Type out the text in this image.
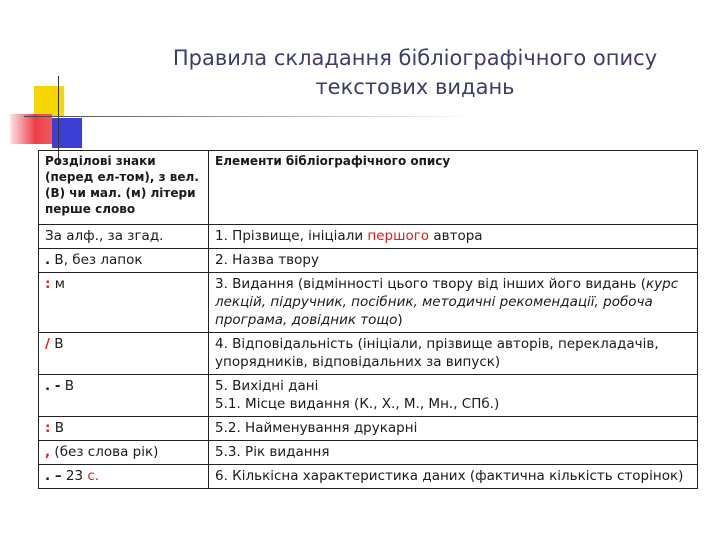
Правила складання бібліографічного опису
текстових видань
Розділові знаки (перед ел-том), з вел. (В) чи мал. (м) літери перше слово	Елементи бібліографічного опису
За алф., за згад.	1. Прізвище, ініціали першого автора
. В, без лапок	2. Назва твору
: м	3. Видання (відмінності цього твору від інших його видань (курс лекцій, підручник, посібник, методичні рекомендації, робоча програма, довідник тощо)
/ В	4. Відповідальність (ініціали, прізвище авторів, перекладачів, упорядників, відповідальних за випуск)
. - В	5. Вихідні дані
5.1. Місце видання (К., Х., М., Мн., СПб.)

: В	5.2. Найменування друкарні
, (без слова рік)	5.3. Рік видання
. – 23 с.	6. Кількісна характеристика даних (фактична кількість сторінок)
